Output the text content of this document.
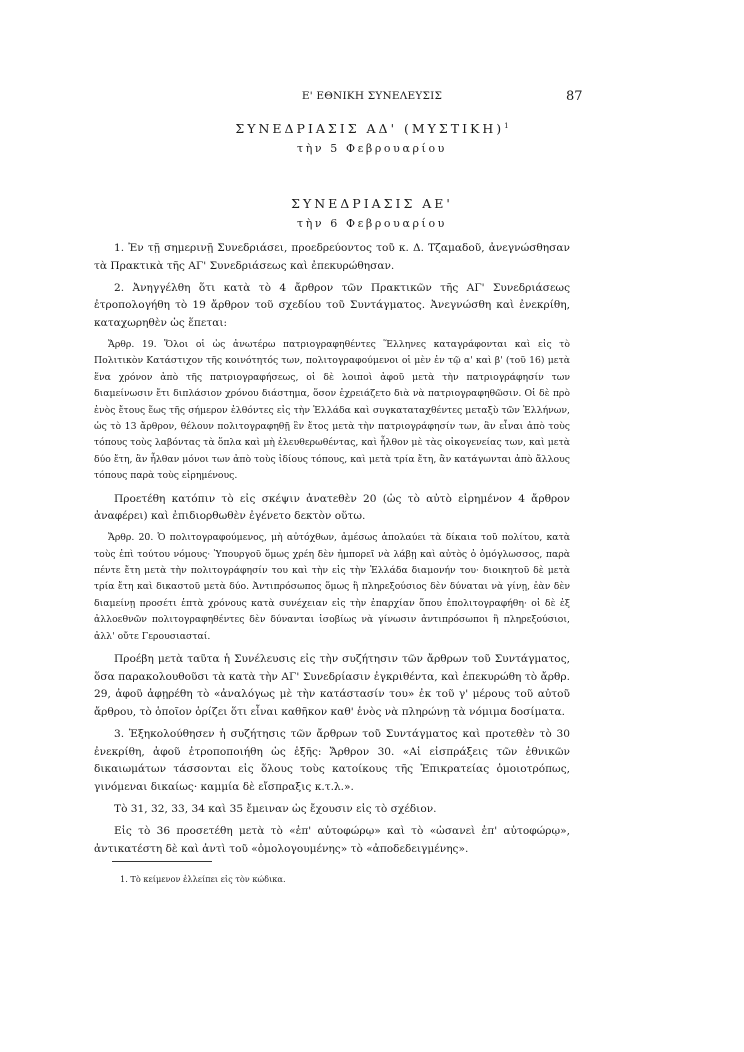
Ε' ΕΘΝΙΚΗ ΣΥΝΕΛΕΥΣΙΣ	87
ΣΥΝΕΔΡΙΑΣΙΣ ΑΔ' $(M\Upsilon\Sigma TIKH)^1$
τὴν 5 Φεβρουαρίου
ΣΥΝΕΔΡΙΑΣΙΣ ΑΕ'
τὴν 6 Φεβρουαρίου

1. Ἐν τῇ σημερινῇ Συνεδριάσει, προεδρεύοντος τοῦ κ. Δ. Τζαμαδοῦ, ἀνεγνώσθησαν τὰ Πρακτικὰ τῆς ΑΓ' Συνεδριάσεως καὶ ἐπεκυρώθησαν.

2. Ἀνηγγέλθη ὅτι κατὰ τὸ 4 ἄρθρον τῶν Πρακτικῶν τῆς ΑΓ' Συνεδριάσεως ἐτροπολογήθη τὸ 19 ἄρθρον τοῦ σχεδίου τοῦ Συντάγματος. Ἀνεγνώσθη καὶ ἐνεκρίθη, καταχωρηθὲν ὡς ἕπεται:

Ἄρθρ. 19. Ὅλοι οἱ ὡς ἀνωτέρω πατριογραφηθέντες Ἕλληνες καταγράφονται καὶ εἰς τὸ Πολιτικὸν Κατάστιχον τῆς κοινότητός των, πολιτογραφούμενοι οἱ μὲν ἐν τῷ α' καὶ β' (τοῦ 16) μετὰ ἕνα χρόνον ἀπὸ τῆς πατριογραφήσεως, οἱ δὲ λοιποὶ ἀφοῦ μετὰ τὴν πατριογράφησίν των διαμείνωσιν ἔτι διπλάσιον χρόνου διάστημα, ὅσον ἐχρειάζετο διὰ νὰ πατριογραφηθῶσιν. Οἱ δὲ πρὸ ἑνὸς ἔτους ἕως τῆς σήμερον ἐλθόντες εἰς τὴν Ἑλλάδα καὶ συγκαταταχθέντες μεταξὺ τῶν Ἑλλήνων, ὡς τὸ 13 ἄρθρον, θέλουν πολιτογραφηθῇ ἓν ἔτος μετὰ τὴν πατριογράφησίν των, ἂν εἶναι ἀπὸ τοὺς τόπους τοὺς λαβόντας τὰ ὅπλα καὶ μὴ ἐλευθερωθέντας, καὶ ἦλθον μὲ τὰς οἰκογενείας των, καὶ μετὰ δύο ἔτη, ἂν ἦλθαν μόνοι των ἀπὸ τοὺς ἰδίους τόπους, καὶ μετὰ τρία ἔτη, ἂν κατάγωνται ἀπὸ ἄλλους τόπους παρὰ τοὺς εἰρημένους.

Προετέθη κατόπιν τὸ εἰς σκέψιν ἀνατεθὲν 20 (ὡς τὸ αὐτὸ εἰρημένον 4 ἄρθρον ἀναφέρει) καὶ ἐπιδιορθωθὲν ἐγένετο δεκτὸν οὕτω.

Ἄρθρ. 20. Ὁ πολιτογραφούμενος, μὴ αὐτόχθων, ἀμέσως ἀπολαύει τὰ δίκαια τοῦ πολίτου, κατὰ τοὺς ἐπὶ τούτου νόμους· Ὑπουργοῦ ὅμως χρέη δὲν ἠμπορεῖ νὰ λάβῃ καὶ αὐτὸς ὁ ὁμόγλωσσος, παρὰ πέντε ἔτη μετὰ τὴν πολιτογράφησίν του καὶ τὴν εἰς τὴν Ἑλλάδα διαμονήν του· διοικητοῦ δὲ μετὰ τρία ἔτη καὶ δικαστοῦ μετὰ δύο. Ἀντιπρόσωπος ὅμως ἢ πληρεξούσιος δὲν δύναται νὰ γίνῃ, ἐὰν δὲν διαμείνῃ προσέτι ἑπτὰ χρόνους κατὰ συνέχειαν εἰς τὴν ἐπαρχίαν ὅπου ἐπολιτογραφήθη· οἱ δὲ ἐξ ἀλλοεθνῶν πολιτογραφηθέντες δὲν δύνανται ἰσοβίως νὰ γίνωσιν ἀντιπρόσωποι ἢ πληρεξούσιοι, ἀλλ' οὔτε Γερουσιασταί.

Προέβη μετὰ ταῦτα ἡ Συνέλευσις εἰς τὴν συζήτησιν τῶν ἄρθρων τοῦ Συντάγματος, ὅσα παρακολουθοῦσι τὰ κατὰ τὴν ΑΓ' Συνεδρίασιν ἐγκριθέντα, καὶ ἐπεκυρώθη τὸ ἄρθρ. 29, ἀφοῦ ἀφῃρέθη τὸ «ἀναλόγως μὲ τὴν κατάστασίν του» ἐκ τοῦ γ' μέρους τοῦ αὐτοῦ ἄρθρου, τὸ ὁποῖον ὁρίζει ὅτι εἶναι καθῆκον καθ' ἑνὸς νὰ πληρώνῃ τὰ νόμιμα δοσίματα.

3. Ἐξηκολούθησεν ἡ συζήτησις τῶν ἄρθρων τοῦ Συντάγματος καὶ προτεθὲν τὸ 30 ἐνεκρίθη, ἀφοῦ ἐτροποποιήθη ὡς ἑξῆς: Ἄρθρον 30. «Αἱ εἰσπράξεις τῶν ἐθνικῶν δικαιωμάτων τάσσονται εἰς ὅλους τοὺς κατοίκους τῆς Ἐπικρατείας ὁμοιοτρόπως, γινόμεναι δικαίως· καμμία δὲ εἴσπραξις κ.τ.λ.».

Τὸ 31, 32, 33, 34 καὶ 35 ἔμειναν ὡς ἔχουσιν εἰς τὸ σχέδιον.

Εἰς τὸ 36 προσετέθη μετὰ τὸ «ἐπ' αὐτοφώρῳ» καὶ τὸ «ὡσανεὶ ἐπ' αὐτοφώρῳ», ἀντικατέστη δὲ καὶ ἀντὶ τοῦ «ὁμολογουμένης» τὸ «ἀποδεδειγμένης».

1. Τὸ κείμενον ἐλλείπει εἰς τὸν κώδικα.
